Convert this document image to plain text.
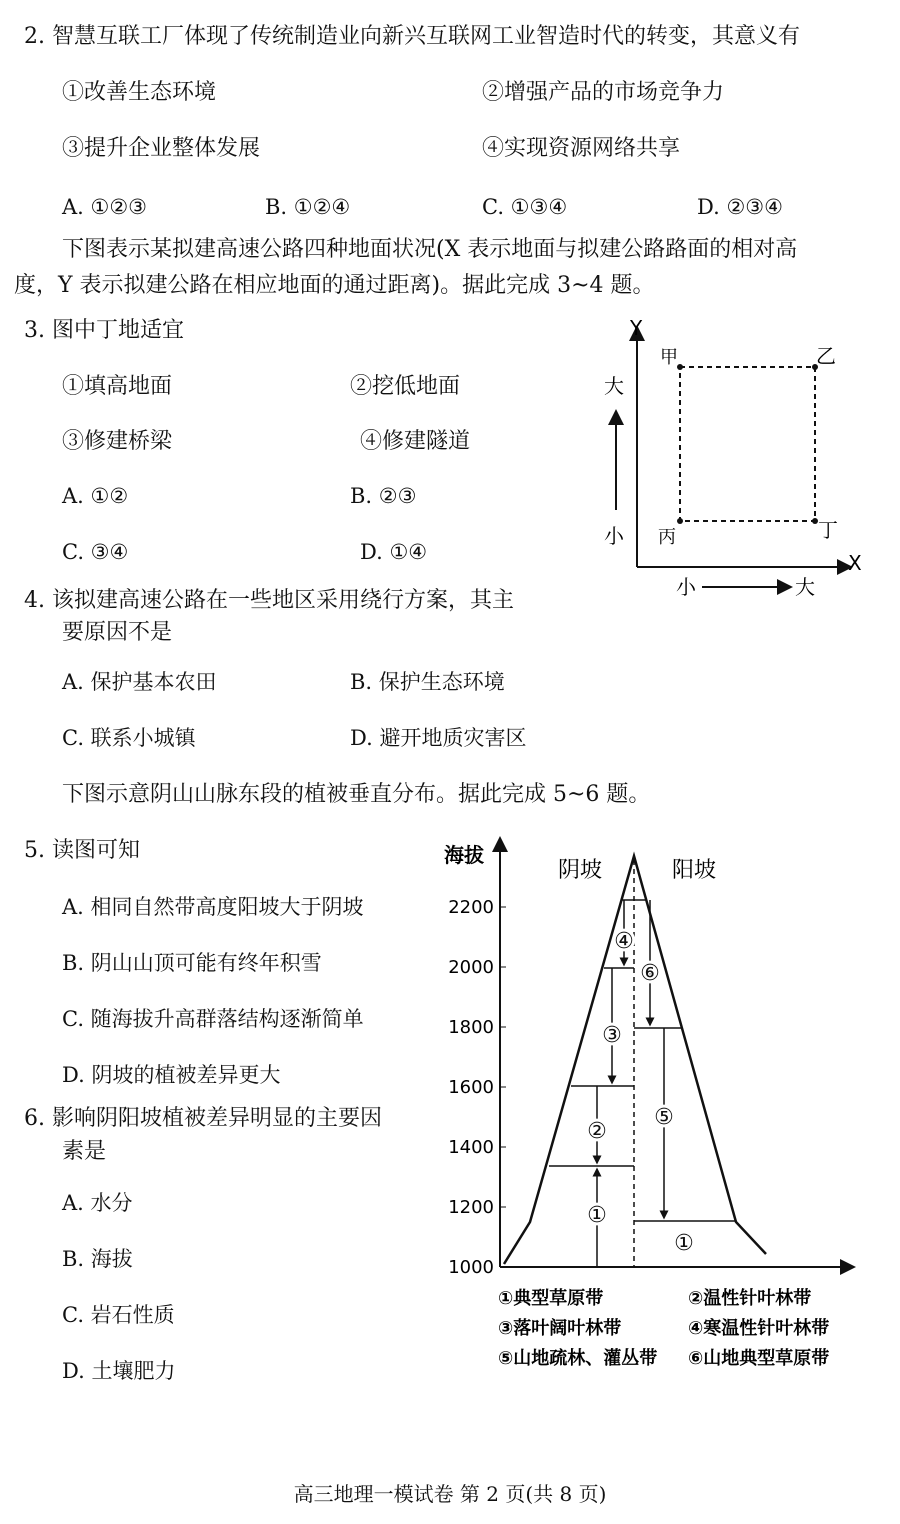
2. 智慧互联工厂体现了传统制造业向新兴互联网工业智造时代的转变，其意义有
①改善生态环境	②增强产品的市场竞争力
③提升企业整体发展	④实现资源网络共享
A. ①②③	B. ①②④	C. ①③④	D. ②③④
下图表示某拟建高速公路四种地面状况(X 表示地面与拟建公路路面的相对高
度，Y 表示拟建公路在相应地面的通过距离)。据此完成 3~4 题。
3. 图中丁地适宜
①填高地面	②挖低地面
③修建桥梁	④修建隧道
A. ①②	B. ②③
C. ③④	D. ①④
4. 该拟建高速公路在一些地区采用绕行方案，其主
要原因不是
A. 保护基本农田	B. 保护生态环境
C. 联系小城镇	D. 避开地质灾害区
Y
X
大
小
小	大
甲	乙
丙	丁
下图示意阴山山脉东段的植被垂直分布。据此完成 5~6 题。
5. 读图可知
A. 相同自然带高度阳坡大于阴坡
B. 阴山山顶可能有终年积雪
C. 随海拔升高群落结构逐渐简单
D. 阴坡的植被差异更大
6. 影响阴阳坡植被差异明显的主要因
素是
A. 水分
B. 海拔
C. 岩石性质
D. 土壤肥力
海拔
2200
2000
1800
1600
1400
1200
1000
阴坡	阳坡
①
②
③
④
⑤
⑥
①
①典型草原带	②温性针叶林带
③落叶阔叶林带	④寒温性针叶林带
⑤山地疏林、灌丛带 ⑥山地典型草原带
高三地理一模试卷 第 2 页(共 8 页)
